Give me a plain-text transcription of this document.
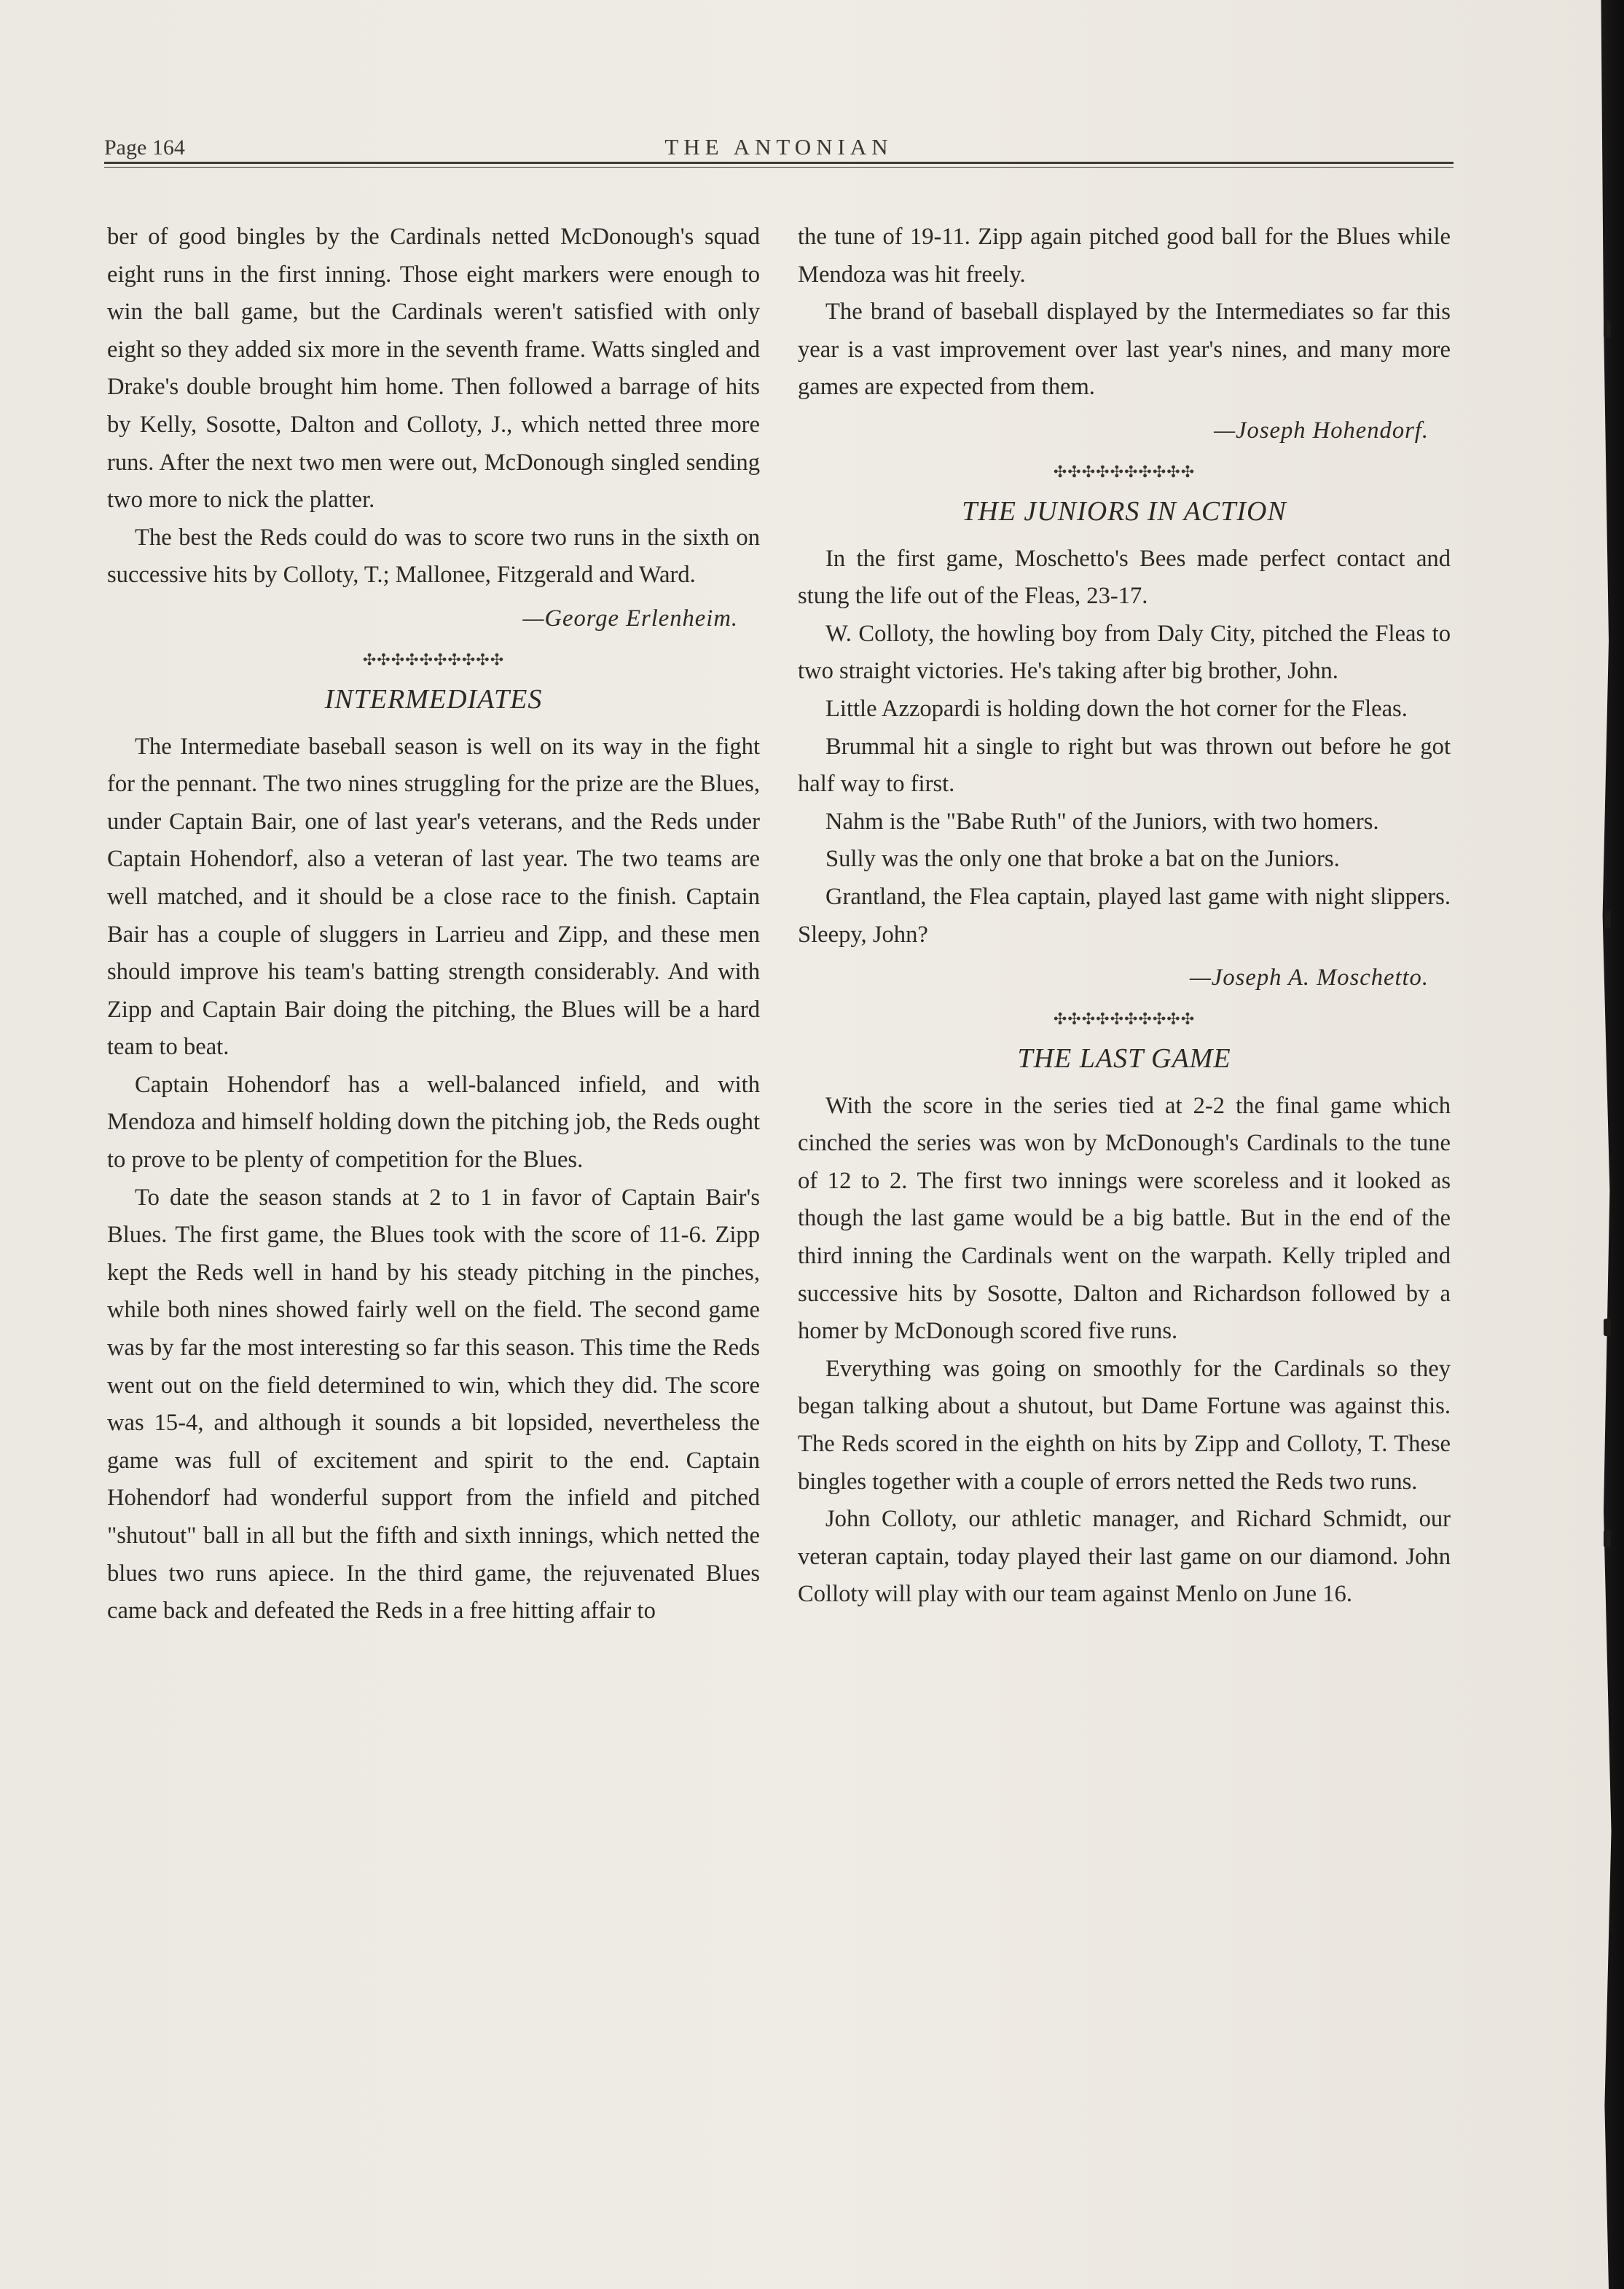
Page 164	THE ANTONIAN

ber of good bingles by the Cardinals netted McDonough's squad eight runs in the first inning. Those eight markers were enough to win the ball game, but the Cardinals weren't satisfied with only eight so they added six more in the seventh frame. Watts singled and Drake's double brought him home. Then followed a barrage of hits by Kelly, Sosotte, Dalton and Colloty, J., which netted three more runs. After the next two men were out, McDonough singled sending two more to nick the platter.

The best the Reds could do was to score two runs in the sixth on successive hits by Colloty, T.; Mallonee, Fitzgerald and Ward.

—George Erlenheim.
✣✣✣✣✣✣✣✣✣✣
INTERMEDIATES

The Intermediate baseball season is well on its way in the fight for the pennant. The two nines struggling for the prize are the Blues, under Captain Bair, one of last year's veterans, and the Reds under Captain Hohendorf, also a veteran of last year. The two teams are well matched, and it should be a close race to the finish. Captain Bair has a couple of sluggers in Larrieu and Zipp, and these men should improve his team's batting strength considerably. And with Zipp and Captain Bair doing the pitching, the Blues will be a hard team to beat.

Captain Hohendorf has a well-balanced infield, and with Mendoza and himself holding down the pitching job, the Reds ought to prove to be plenty of competition for the Blues.

To date the season stands at 2 to 1 in favor of Captain Bair's Blues. The first game, the Blues took with the score of 11-6. Zipp kept the Reds well in hand by his steady pitching in the pinches, while both nines showed fairly well on the field. The second game was by far the most interesting so far this season. This time the Reds went out on the field determined to win, which they did. The score was 15-4, and although it sounds a bit lopsided, nevertheless the game was full of excitement and spirit to the end. Captain Hohendorf had wonderful support from the infield and pitched "shutout" ball in all but the fifth and sixth innings, which netted the blues two runs apiece. In the third game, the rejuvenated Blues came back and defeated the Reds in a free hitting affair to

the tune of 19-11. Zipp again pitched good ball for the Blues while Mendoza was hit freely.

The brand of baseball displayed by the Intermediates so far this year is a vast improvement over last year's nines, and many more games are expected from them.

—Joseph Hohendorf.
✣✣✣✣✣✣✣✣✣✣
THE JUNIORS IN ACTION

In the first game, Moschetto's Bees made perfect contact and stung the life out of the Fleas, 23-17.

W. Colloty, the howling boy from Daly City, pitched the Fleas to two straight victories. He's taking after big brother, John.

Little Azzopardi is holding down the hot corner for the Fleas.

Brummal hit a single to right but was thrown out before he got half way to first.

Nahm is the "Babe Ruth" of the Juniors, with two homers.

Sully was the only one that broke a bat on the Juniors.

Grantland, the Flea captain, played last game with night slippers. Sleepy, John?

—Joseph A. Moschetto.
✣✣✣✣✣✣✣✣✣✣
THE LAST GAME

With the score in the series tied at 2-2 the final game which cinched the series was won by McDonough's Cardinals to the tune of 12 to 2. The first two innings were scoreless and it looked as though the last game would be a big battle. But in the end of the third inning the Cardinals went on the warpath. Kelly tripled and successive hits by Sosotte, Dalton and Richardson followed by a homer by McDonough scored five runs.

Everything was going on smoothly for the Cardinals so they began talking about a shutout, but Dame Fortune was against this. The Reds scored in the eighth on hits by Zipp and Colloty, T. These bingles together with a couple of errors netted the Reds two runs.

John Colloty, our athletic manager, and Richard Schmidt, our veteran captain, today played their last game on our diamond. John Colloty will play with our team against Menlo on June 16.
